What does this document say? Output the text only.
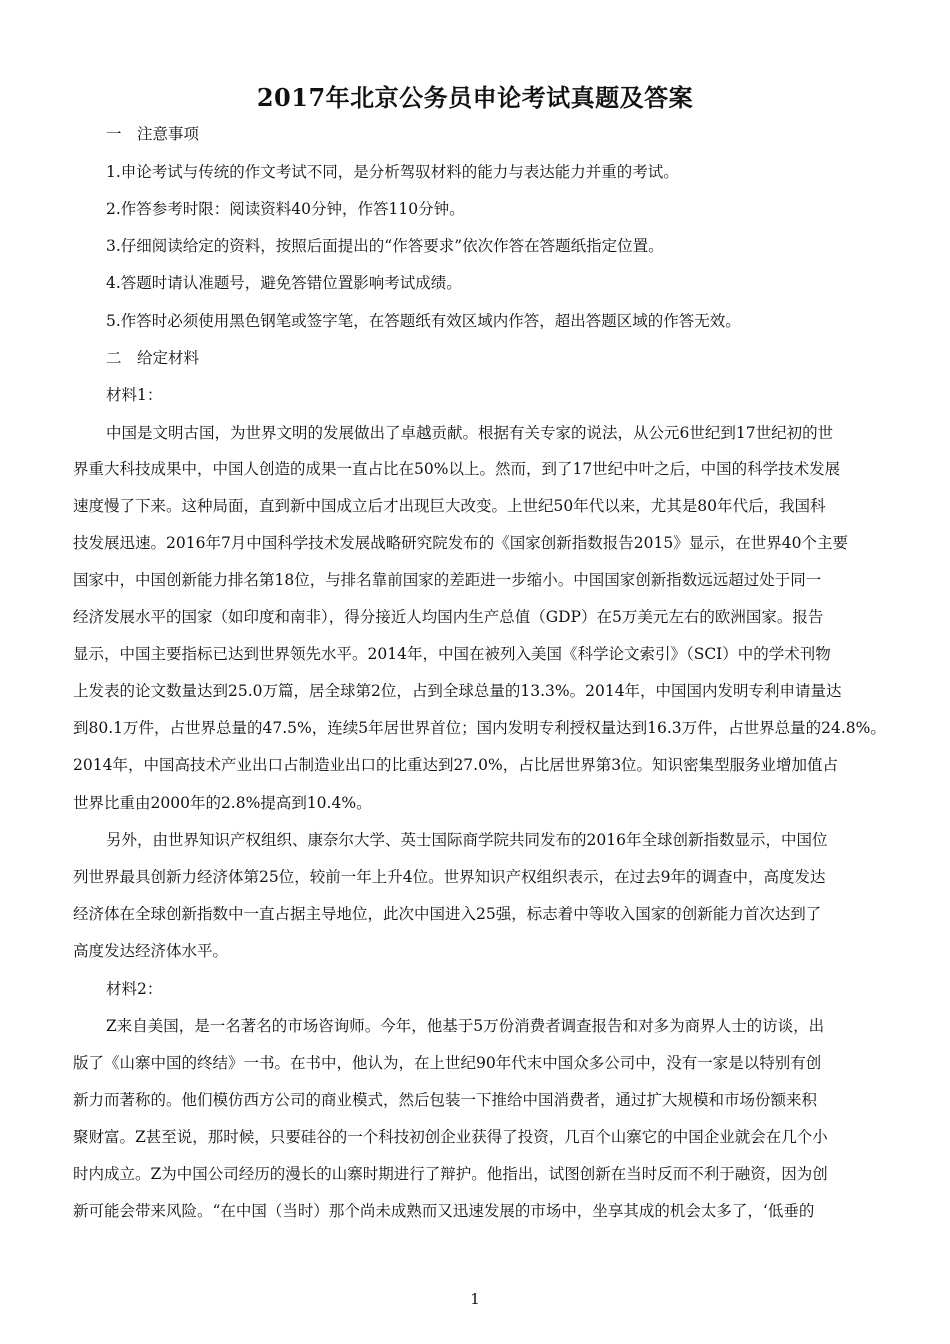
2017年北京公务员申论考试真题及答案
一　注意事项
1.申论考试与传统的作文考试不同，是分析驾驭材料的能力与表达能力并重的考试。
2.作答参考时限：阅读资料40分钟，作答110分钟。
3.仔细阅读给定的资料，按照后面提出的“作答要求”依次作答在答题纸指定位置。
4.答题时请认准题号，避免答错位置影响考试成绩。
5.作答时必须使用黑色钢笔或签字笔，在答题纸有效区域内作答，超出答题区域的作答无效。
二　给定材料
材料1：
中国是文明古国，为世界文明的发展做出了卓越贡献。根据有关专家的说法，从公元6世纪到17世纪初的世
界重大科技成果中，中国人创造的成果一直占比在50%以上。然而，到了17世纪中叶之后，中国的科学技术发展
速度慢了下来。这种局面，直到新中国成立后才出现巨大改变。上世纪50年代以来，尤其是80年代后，我国科
技发展迅速。2016年7月中国科学技术发展战略研究院发布的《国家创新指数报告2015》显示，在世界40个主要
国家中，中国创新能力排名第18位，与排名靠前国家的差距进一步缩小。中国国家创新指数远远超过处于同一
经济发展水平的国家（如印度和南非），得分接近人均国内生产总值（GDP）在5万美元左右的欧洲国家。报告
显示，中国主要指标已达到世界领先水平。2014年，中国在被列入美国《科学论文索引》（SCI）中的学术刊物
上发表的论文数量达到25.0万篇，居全球第2位，占到全球总量的13.3%。2014年，中国国内发明专利申请量达
到80.1万件，占世界总量的47.5%，连续5年居世界首位；国内发明专利授权量达到16.3万件，占世界总量的24.8%。
2014年，中国高技术产业出口占制造业出口的比重达到27.0%，占比居世界第3位。知识密集型服务业增加值占
世界比重由2000年的2.8%提高到10.4%。
另外，由世界知识产权组织、康奈尔大学、英士国际商学院共同发布的2016年全球创新指数显示，中国位
列世界最具创新力经济体第25位，较前一年上升4位。世界知识产权组织表示，在过去9年的调查中，高度发达
经济体在全球创新指数中一直占据主导地位，此次中国进入25强，标志着中等收入国家的创新能力首次达到了
高度发达经济体水平。
材料2：
Z来自美国，是一名著名的市场咨询师。今年，他基于5万份消费者调查报告和对多为商界人士的访谈，出
版了《山寨中国的终结》一书。在书中，他认为，在上世纪90年代末中国众多公司中，没有一家是以特别有创
新力而著称的。他们模仿西方公司的商业模式，然后包装一下推给中国消费者，通过扩大规模和市场份额来积
聚财富。Z甚至说，那时候，只要硅谷的一个科技初创企业获得了投资，几百个山寨它的中国企业就会在几个小
时内成立。Z为中国公司经历的漫长的山寨时期进行了辩护。他指出，试图创新在当时反而不利于融资，因为创
新可能会带来风险。“在中国（当时）那个尚未成熟而又迅速发展的市场中，坐享其成的机会太多了，‘低垂的
1
